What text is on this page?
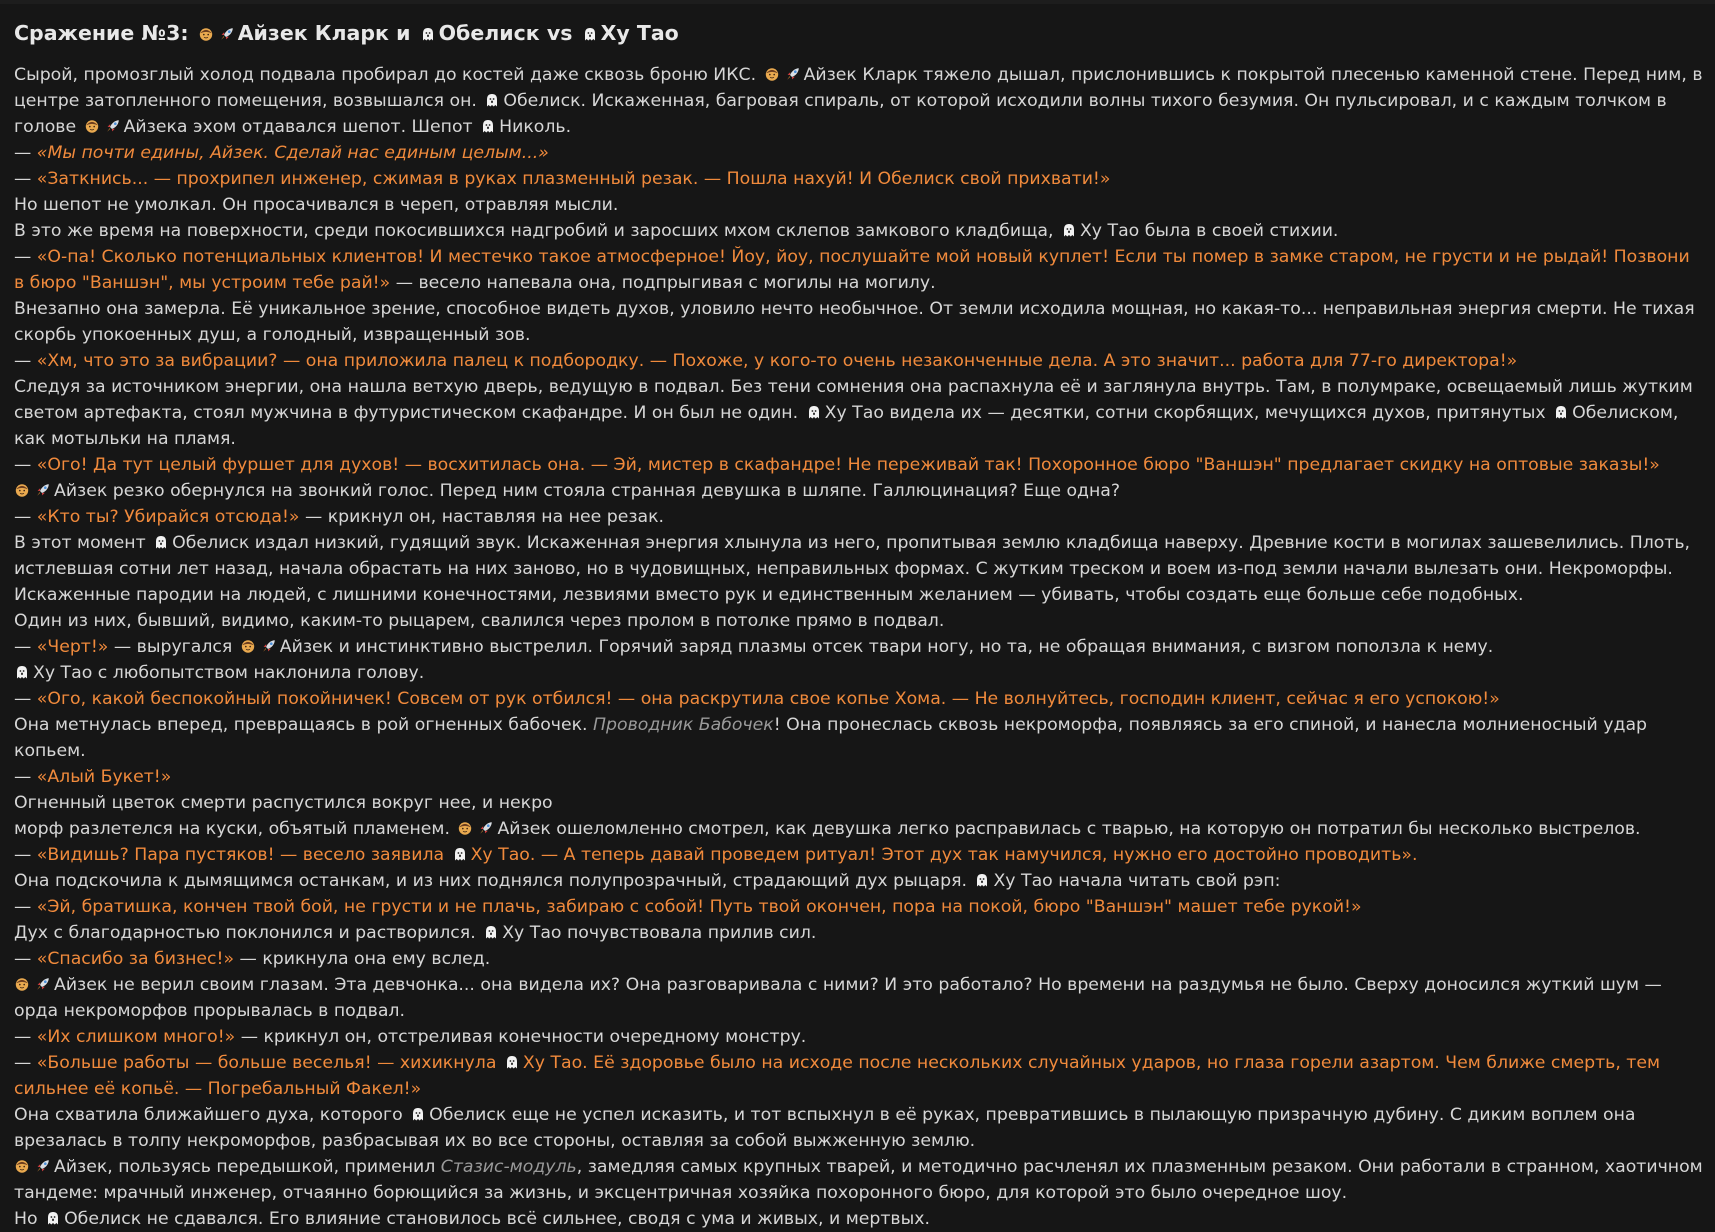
Сражение №3:
Айзек Кларк и
Обелиск vs
Ху Тао

Сырой, промозглый холод подвала пробирал до костей даже сквозь броню ИКС.
Айзек Кларк тяжело дышал, прислонившись к покрытой плесенью каменной стене. Перед ним, в центре затопленного помещения, возвышался он.
Обелиск. Искаженная, багровая спираль, от которой исходили волны тихого безумия. Он пульсировал, и с каждым толчком в голове
Айзека эхом отдавался шепот. Шепот
Николь.

— «Мы почти едины, Айзек. Сделай нас единым целым...»

— «Заткнись... — прохрипел инженер, сжимая в руках плазменный резак. — Пошла нахуй! И Обелиск свой прихвати!»

Но шепот не умолкал. Он просачивался в череп, отравляя мысли.

В это же время на поверхности, среди покосившихся надгробий и заросших мхом склепов замкового кладбища,
Ху Тао была в своей стихии.

— «О-па! Сколько потенциальных клиентов! И местечко такое атмосферное! Йоу, йоу, послушайте мой новый куплет! Если ты помер в замке старом, не грусти и не рыдай! Позвони в бюро "Ваншэн", мы устроим тебе рай!» — весело напевала она, подпрыгивая с могилы на могилу.

Внезапно она замерла. Её уникальное зрение, способное видеть духов, уловило нечто необычное. От земли исходила мощная, но какая-то... неправильная энергия смерти. Не тихая скорбь упокоенных душ, а голодный, извращенный зов.

— «Хм, что это за вибрации? — она приложила палец к подбородку. — Похоже, у кого-то очень незаконченные дела. А это значит... работа для 77-го директора!»

Следуя за источником энергии, она нашла ветхую дверь, ведущую в подвал. Без тени сомнения она распахнула её и заглянула внутрь. Там, в полумраке, освещаемый лишь жутким светом артефакта, стоял мужчина в футуристическом скафандре. И он был не один.
Ху Тао видела их — десятки, сотни скорбящих, мечущихся духов, притянутых
Обелиском, как мотыльки на пламя.

— «Ого! Да тут целый фуршет для духов! — восхитилась она. — Эй, мистер в скафандре! Не переживай так! Похоронное бюро "Ваншэн" предлагает скидку на оптовые заказы!»

Айзек резко обернулся на звонкий голос. Перед ним стояла странная девушка в шляпе. Галлюцинация? Еще одна?

— «Кто ты? Убирайся отсюда!» — крикнул он, наставляя на нее резак.

В этот момент
Обелиск издал низкий, гудящий звук. Искаженная энергия хлынула из него, пропитывая землю кладбища наверху. Древние кости в могилах зашевелились. Плоть, истлевшая сотни лет назад, начала обрастать на них заново, но в чудовищных, неправильных формах. С жутким треском и воем из-под земли начали вылезать они. Некроморфы. Искаженные пародии на людей, с лишними конечностями, лезвиями вместо рук и единственным желанием — убивать, чтобы создать еще больше себе подобных.

Один из них, бывший, видимо, каким-то рыцарем, свалился через пролом в потолке прямо в подвал.

— «Черт!» — выругался
Айзек и инстинктивно выстрелил. Горячий заряд плазмы отсек твари ногу, но та, не обращая внимания, с визгом поползла к нему.

Ху Тао с любопытством наклонила голову.

— «Ого, какой беспокойный покойничек! Совсем от рук отбился! — она раскрутила свое копье Хома. — Не волнуйтесь, господин клиент, сейчас я его успокою!»

Она метнулась вперед, превращаясь в рой огненных бабочек. Проводник Бабочек! Она пронеслась сквозь некроморфа, появляясь за его спиной, и нанесла молниеносный удар копьем.

— «Алый Букет!»

Огненный цветок смерти распустился вокруг нее, и некро

морф разлетелся на куски, объятый пламенем.
Айзек ошеломленно смотрел, как девушка легко расправилась с тварью, на которую он потратил бы несколько выстрелов.

— «Видишь? Пара пустяков! — весело заявила
Ху Тао. — А теперь давай проведем ритуал! Этот дух так намучился, нужно его достойно проводить».

Она подскочила к дымящимся останкам, и из них поднялся полупрозрачный, страдающий дух рыцаря.
Ху Тао начала читать свой рэп:

— «Эй, братишка, кончен твой бой, не грусти и не плачь, забираю с собой! Путь твой окончен, пора на покой, бюро "Ваншэн" машет тебе рукой!»

Дух с благодарностью поклонился и растворился.
Ху Тао почувствовала прилив сил.

— «Спасибо за бизнес!» — крикнула она ему вслед.

Айзек не верил своим глазам. Эта девчонка... она видела их? Она разговаривала с ними? И это работало? Но времени на раздумья не было. Сверху доносился жуткий шум — орда некроморфов прорывалась в подвал.

— «Их слишком много!» — крикнул он, отстреливая конечности очередному монстру.

— «Больше работы — больше веселья! — хихикнула
Ху Тао. Её здоровье было на исходе после нескольких случайных ударов, но глаза горели азартом. Чем ближе смерть, тем сильнее её копьё. — Погребальный Факел!»

Она схватила ближайшего духа, которого
Обелиск еще не успел исказить, и тот вспыхнул в её руках, превратившись в пылающую призрачную дубину. С диким воплем она врезалась в толпу некроморфов, разбрасывая их во все стороны, оставляя за собой выжженную землю.

Айзек, пользуясь передышкой, применил Стазис-модуль, замедляя самых крупных тварей, и методично расчленял их плазменным резаком. Они работали в странном, хаотичном тандеме: мрачный инженер, отчаянно борющийся за жизнь, и эксцентричная хозяйка похоронного бюро, для которой это было очередное шоу.

Но
Обелиск не сдавался. Его влияние становилось всё сильнее, сводя с ума и живых, и мертвых.
